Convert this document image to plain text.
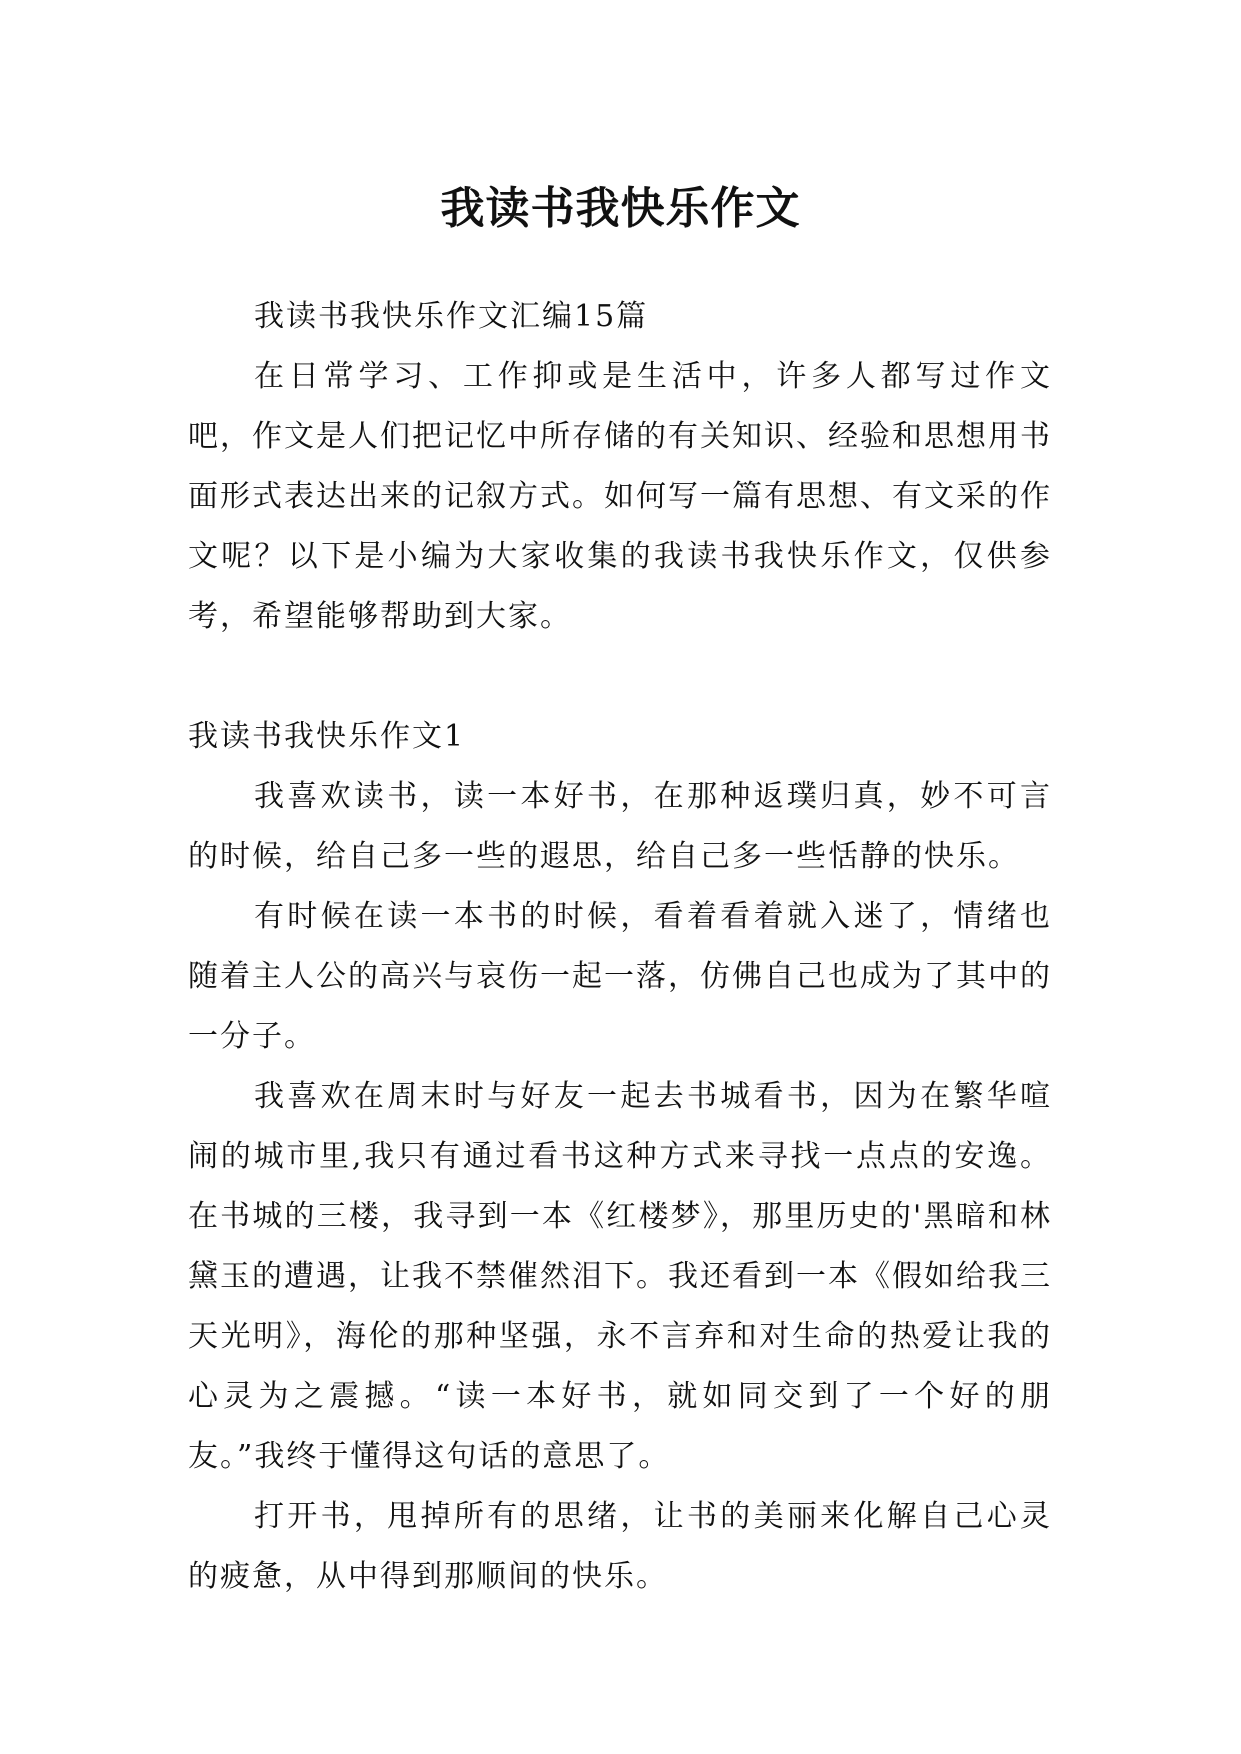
我读书我快乐作文

我读书我快乐作文汇编15篇

在日常学习、工作抑或是生活中，许多人都写过作文吧，作文是人们把记忆中所存储的有关知识、经验和思想用书面形式表达出来的记叙方式。如何写一篇有思想、有文采的作文呢？以下是小编为大家收集的我读书我快乐作文，仅供参考，希望能够帮助到大家。

我读书我快乐作文1

我喜欢读书，读一本好书，在那种返璞归真，妙不可言的时候，给自己多一些的遐思，给自己多一些恬静的快乐。

有时候在读一本书的时候，看着看着就入迷了，情绪也随着主人公的高兴与哀伤一起一落，仿佛自己也成为了其中的一分子。

我喜欢在周末时与好友一起去书城看书，因为在繁华喧闹的城市里,我只有通过看书这种方式来寻找一点点的安逸。在书城的三楼，我寻到一本《红楼梦》，那里历史的'黑暗和林黛玉的遭遇，让我不禁催然泪下。我还看到一本《假如给我三天光明》，海伦的那种坚强，永不言弃和对生命的热爱让我的心灵为之震撼。“读一本好书，就如同交到了一个好的朋友。”我终于懂得这句话的意思了。

打开书，甩掉所有的思绪，让书的美丽来化解自己心灵的疲惫，从中得到那顺间的快乐。
